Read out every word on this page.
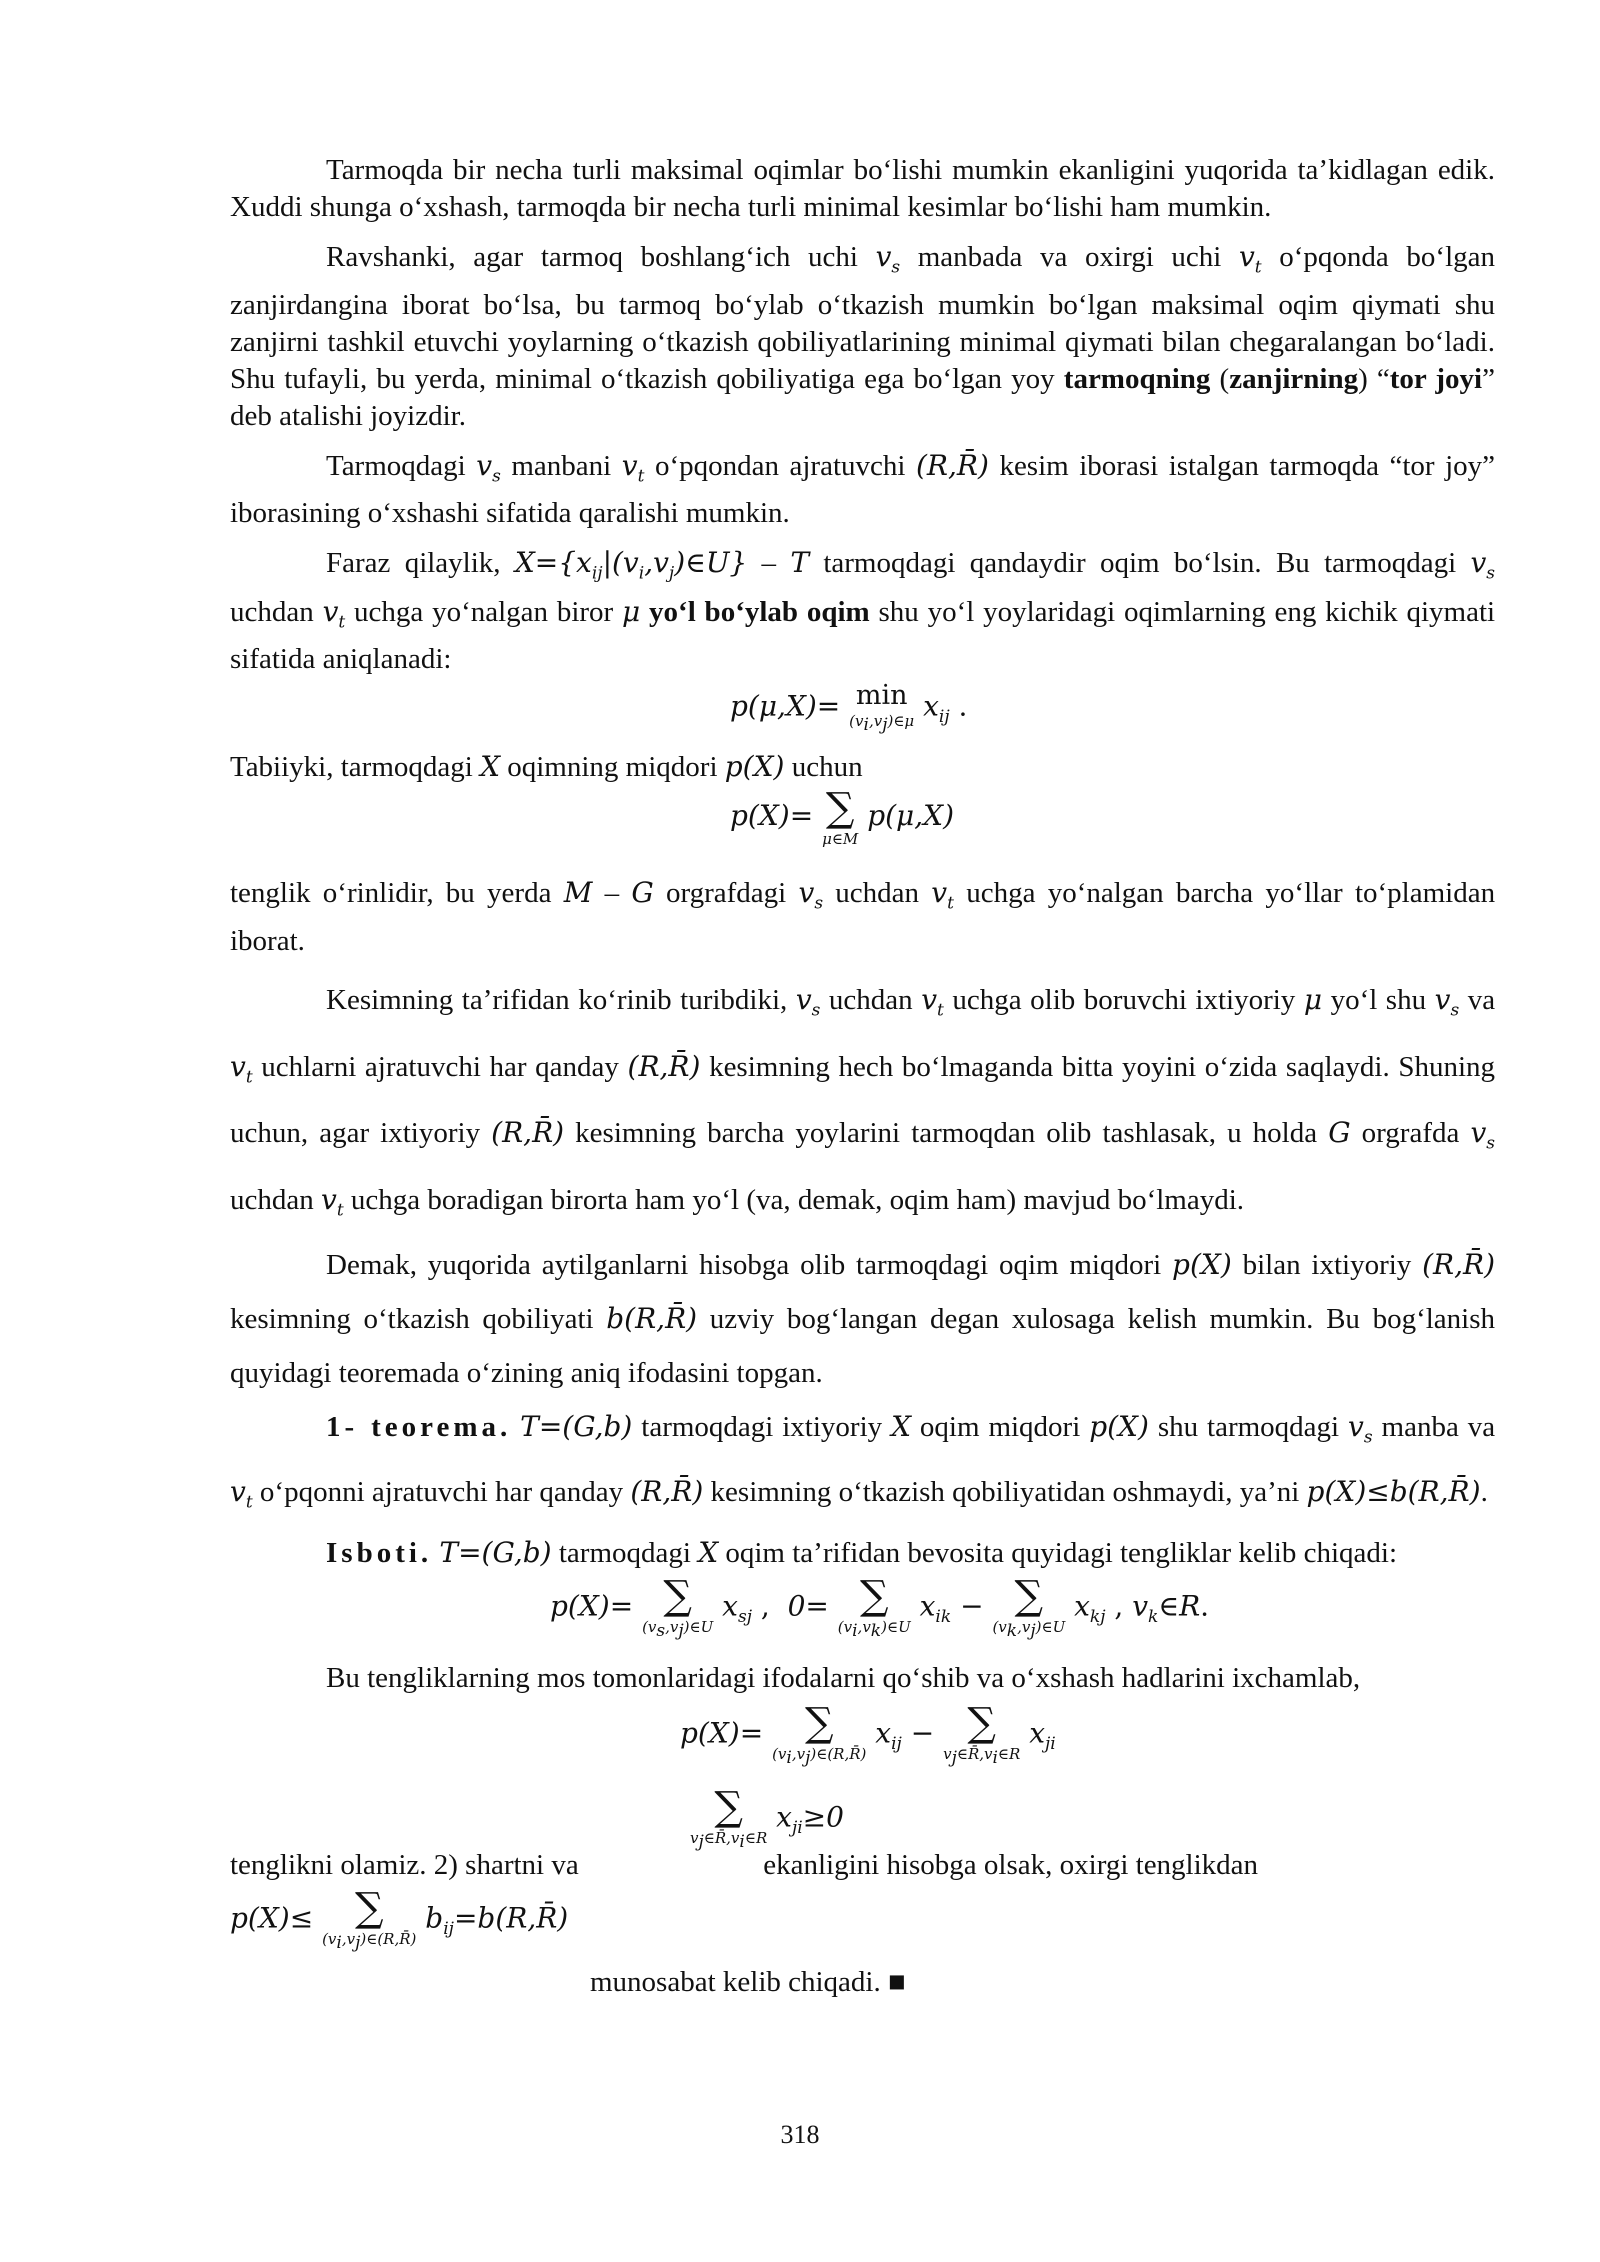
Tarmoqda bir necha turli maksimal oqimlar bo‘lishi mumkin ekanligini yuqorida ta’kidlagan edik. Xuddi shunga o‘xshash, tarmoqda bir necha turli minimal kesimlar bo‘lishi ham mumkin.

Ravshanki, agar tarmoq boshlang‘ich uchi $v_s$ manbada va oxirgi uchi $v_t$ o‘pqonda bo‘lgan zanjirdangina iborat bo‘lsa, bu tarmoq bo‘ylab o‘tkazish mumkin bo‘lgan maksimal oqim qiymati shu zanjirni tashkil etuvchi yoylarning o‘tkazish qobiliyatlarining minimal qiymati bilan chegaralangan bo‘ladi. Shu tufayli, bu yerda, minimal o‘tkazish qobiliyatiga ega bo‘lgan yoy tarmoqning (zanjirning) “tor joyi” deb atalishi joyizdir.

Tarmoqdagi $v_s$ manbani $v_t$ o‘pqondan ajratuvchi (R,R̄) kesim iborasi istalgan tarmoqda “tor joy” iborasining o‘xshashi sifatida qaralishi mumkin.

Faraz qilaylik, $X=\{x_{ij}|(v_i,v_j)\in U\} - T$ tarmoqdagi qandaydir oqim bo‘lsin. Bu tarmoqdagi $v_s$ uchdan $v_t$ uchga yo‘nalgan biror μ yo‘l bo‘ylab oqim shu yo‘l yoylaridagi oqimlarning eng kichik qiymati sifatida aniqlanadi:

p(μ,X)= min
$(v_i,v_j)\in\mu$ $x_{ij}$ .

Tabiiyki, tarmoqdagi X oqimning miqdori p(X) uchun

p(X)= ∑
μ∈M
p(μ,X)

tenglik o‘rinlidir, bu yerda M – G orgrafdagi $v_s$ uchdan $v_t$ uchga yo‘nalgan barcha yo‘llar to‘plamidan iborat.

Kesimning ta’rifidan ko‘rinib turibdiki, $v_s$ uchdan $v_t$ uchga olib boruvchi ixtiyoriy μ yo‘l shu $v_s$ va $v_t$ uchlarni ajratuvchi har qanday (R,R̄) kesimning hech bo‘lmaganda bitta yoyini o‘zida saqlaydi. Shuning uchun, agar ixtiyoriy (R,R̄) kesimning barcha yoylarini tarmoqdan olib tashlasak, u holda G orgrafda $v_s$ uchdan $v_t$ uchga boradigan birorta ham yo‘l (va, demak, oqim ham) mavjud bo‘lmaydi.

Demak, yuqorida aytilganlarni hisobga olib tarmoqdagi oqim miqdori p(X) bilan ixtiyoriy (R,R̄) kesimning o‘tkazish qobiliyati b(R,R̄) uzviy bog‘langan degan xulosaga kelish mumkin. Bu bog‘lanish quyidagi teoremada o‘zining aniq ifodasini topgan.

1- teorema. T=(G,b) tarmoqdagi ixtiyoriy X oqim miqdori p(X) shu tarmoqdagi $v_s$ manba va $v_t$ o‘pqonni ajratuvchi har qanday (R,R̄) kesimning o‘tkazish qobiliyatidan oshmaydi, ya’ni p(X)≤b(R,R̄).

Isboti. T=(G,b) tarmoqdagi X oqim ta’rifidan bevosita quyidagi tengliklar kelib chiqadi:

p(X)= ∑
$(v_s,v_j)\in U$
$x_{sj}$ ,  0= ∑
$(v_i,v_k)\in U$
$x_{ik}$ − ∑
$(v_k,v_j)\in U$
$x_{kj}$ , $v_k\in R$.

Bu tengliklarning mos tomonlaridagi ifodalarni qo‘shib va o‘xshash hadlarini ixchamlab,

p(X)= ∑
$(v_i,v_j)\in(R,R̄)$
$x_{ij}$ − ∑
$v_j\in R̄,v_i\in R$
$x_{ji}$
∑
$v_j\in R̄,v_i\in R$
$x_{ji}\ge 0$

tenglikni olamiz. 2) shartni va	ekanligini hisobga olsak, oxirgi tenglikdan

p(X)≤ ∑
$(v_i,v_j)\in(R,R̄)$
$b_{ij}=b(R,R̄)$

munosabat kelib chiqadi. ■

318
